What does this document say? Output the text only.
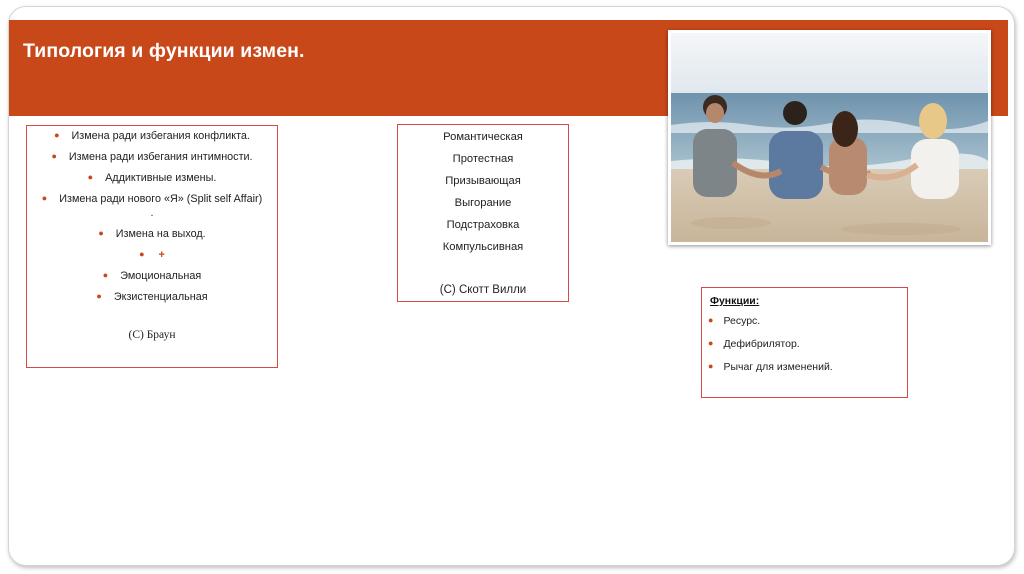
Типология и функции измен.
● Измена ради избегания конфликта.
● Измена ради избегания интимности.
● Аддиктивные измены.
● Измена ради нового «Я» (Split self Affair) .
● Измена на выход.
● +
● Эмоциональная
● Экзистенциальная
(C) Браун
Романтическая
Протестная
Призывающая
Выгорание
Подстраховка
Компульсивная
(С) Скотт Вилли
Функции:
● Ресурс.
● Дефибрилятор.
● Рычаг для изменений.
